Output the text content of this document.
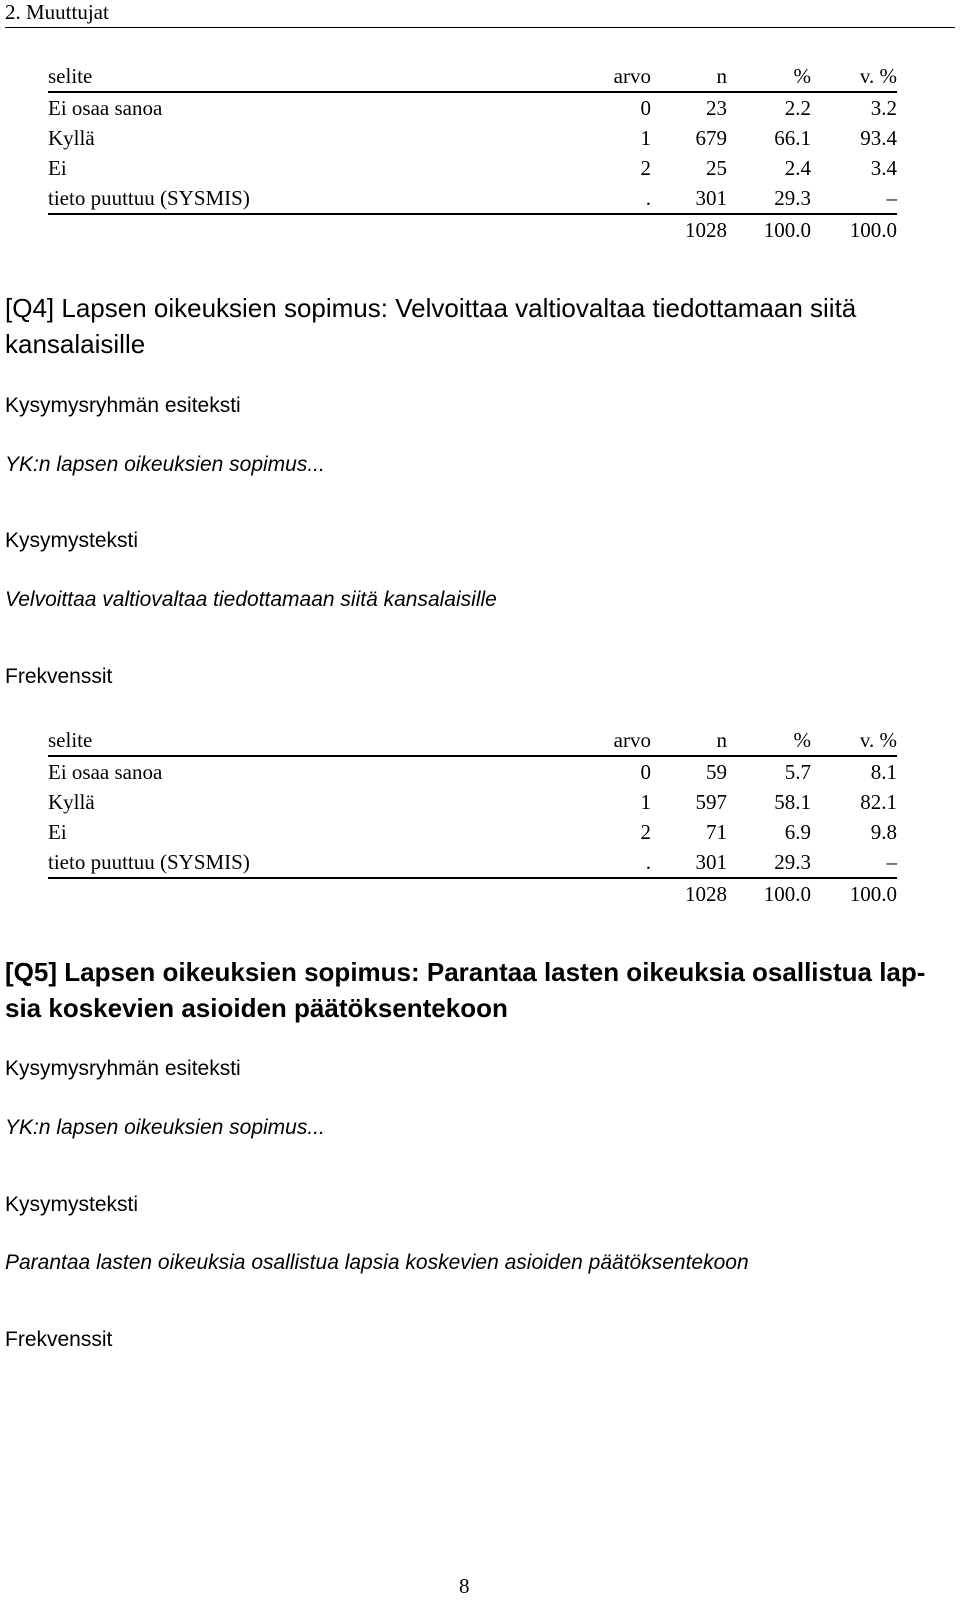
2. Muuttujat
selite	arvo	n	%	v. %
Ei osaa sanoa	0	23	2.2	3.2
Kyllä	1	679	66.1	93.4
Ei	2	25	2.4	3.4
tieto puuttuu (SYSMIS)	.	301	29.3	–
		1028	100.0	100.0
[Q4] Lapsen oikeuksien sopimus: Velvoittaa valtiovaltaa tiedottamaan siitä kansalaisille
Kysymysryhmän esiteksti
YK:n lapsen oikeuksien sopimus...
Kysymysteksti
Velvoittaa valtiovaltaa tiedottamaan siitä kansalaisille
Frekvenssit
selite	arvo	n	%	v. %
Ei osaa sanoa	0	59	5.7	8.1
Kyllä	1	597	58.1	82.1
Ei	2	71	6.9	9.8
tieto puuttuu (SYSMIS)	.	301	29.3	–
		1028	100.0	100.0
[Q5] Lapsen oikeuksien sopimus: Parantaa lasten oikeuksia osallistua lap-
sia koskevien asioiden päätöksentekoon
Kysymysryhmän esiteksti
YK:n lapsen oikeuksien sopimus...
Kysymysteksti
Parantaa lasten oikeuksia osallistua lapsia koskevien asioiden päätöksentekoon
Frekvenssit
8
